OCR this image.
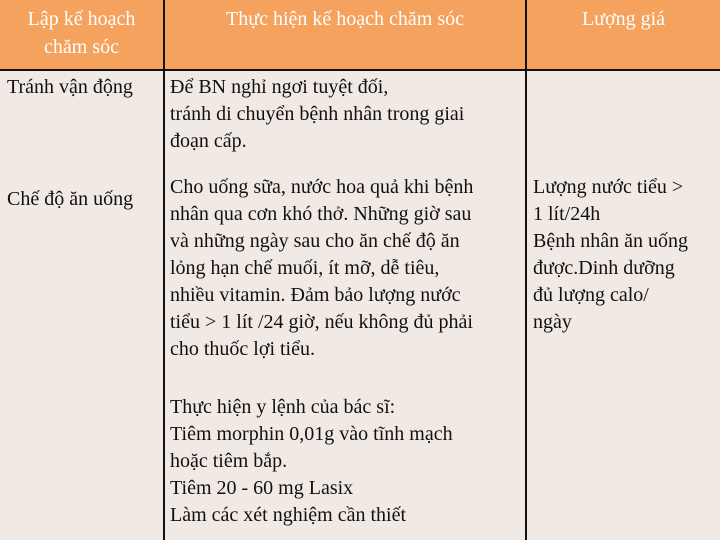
Lập kế hoạch
chăm sóc
Thực hiện kế hoạch chăm sóc	Lượng giá
Tránh vận động	Để BN nghỉ ngơi tuyệt đối,
tránh di chuyển bệnh nhân trong giai
đoạn cấp.
Chế độ ăn uống
Cho uống sữa, nước hoa quả khi bệnh
nhân qua cơn khó thở. Những giờ sau
và những ngày sau cho ăn chế độ ăn
lỏng hạn chế muối, ít mỡ, dễ tiêu,
nhiều vitamin. Đảm bảo lượng nước
tiểu > 1 lít /24 giờ, nếu không đủ phải
cho thuốc lợi tiểu.
Lượng nước tiểu >
1 lít/24h
Bệnh nhân ăn uống
được.Dinh dưỡng
đủ lượng calo/
ngày
Thực hiện y lệnh của bác sĩ:
Tiêm morphin 0,01g vào tĩnh mạch
hoặc tiêm bắp.
Tiêm 20 - 60 mg Lasix
Làm các xét nghiệm cần thiết
